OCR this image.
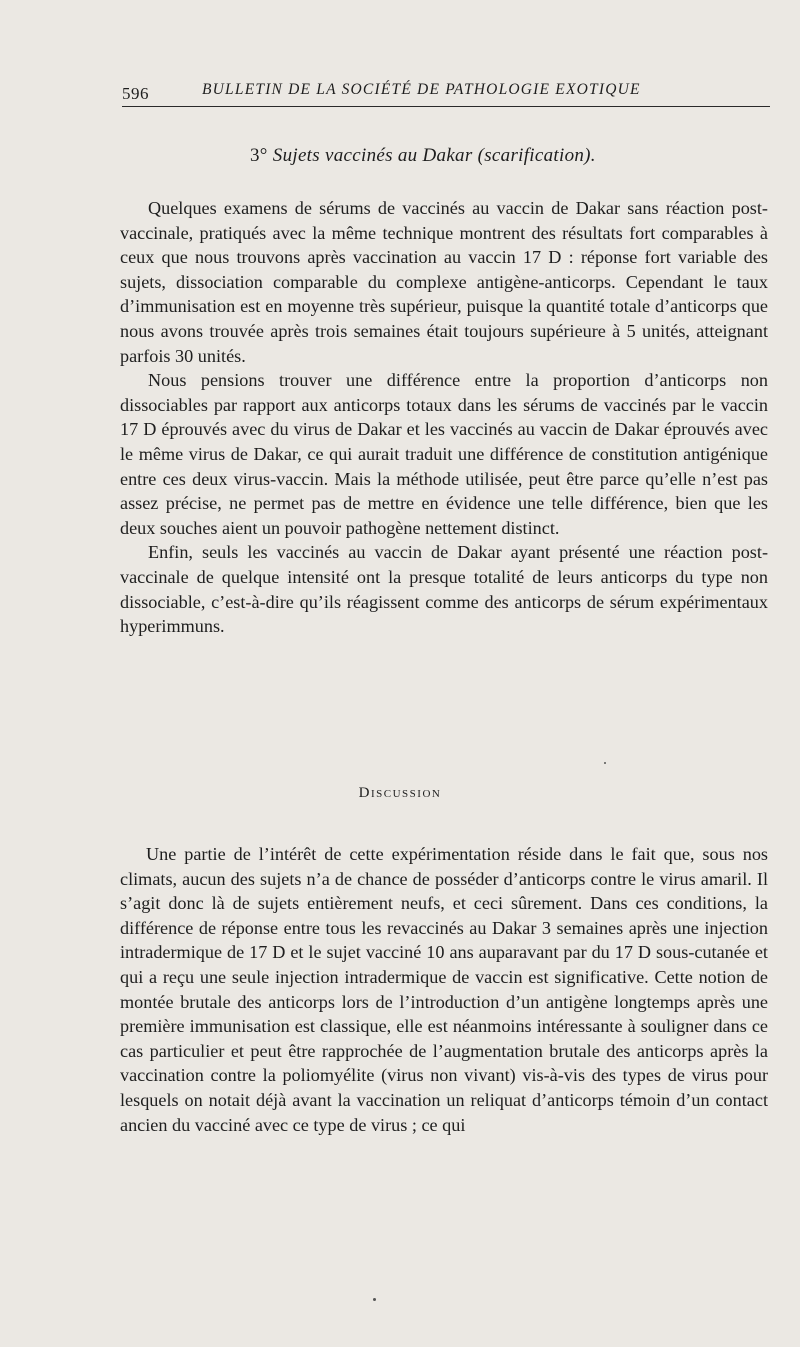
596	BULLETIN DE LA SOCIÉTÉ DE PATHOLOGIE EXOTIQUE
3° Sujets vaccinés au Dakar (scarification).

Quelques examens de sérums de vaccinés au vaccin de Dakar sans réaction post-vaccinale, pratiqués avec la même technique montrent des résultats fort comparables à ceux que nous trouvons après vaccination au vaccin 17 D : réponse fort variable des sujets, dissociation comparable du complexe antigène-anticorps. Cependant le taux d’immunisation est en moyenne très supérieur, puisque la quantité totale d’anticorps que nous avons trouvée après trois semaines était toujours supérieure à 5 unités, atteignant parfois 30 unités.

Nous pensions trouver une différence entre la proportion d’anticorps non dissociables par rapport aux anticorps totaux dans les sérums de vaccinés par le vaccin 17 D éprouvés avec du virus de Dakar et les vaccinés au vaccin de Dakar éprouvés avec le même virus de Dakar, ce qui aurait traduit une différence de constitution antigénique entre ces deux virus-vaccin. Mais la méthode utilisée, peut être parce qu’elle n’est pas assez précise, ne permet pas de mettre en évidence une telle différence, bien que les deux souches aient un pouvoir pathogène nettement distinct.

Enfin, seuls les vaccinés au vaccin de Dakar ayant présenté une réaction post-vaccinale de quelque intensité ont la presque totalité de leurs anticorps du type non dissociable, c’est-à-dire qu’ils réagissent comme des anticorps de sérum expérimentaux hyperimmuns.

Discussion

Une partie de l’intérêt de cette expérimentation réside dans le fait que, sous nos climats, aucun des sujets n’a de chance de posséder d’anticorps contre le virus amaril. Il s’agit donc là de sujets entièrement neufs, et ceci sûrement. Dans ces conditions, la différence de réponse entre tous les revaccinés au Dakar 3 semaines après une injection intradermique de 17 D et le sujet vacciné 10 ans auparavant par du 17 D sous-cutanée et qui a reçu une seule injection intradermique de vaccin est significative. Cette notion de montée brutale des anticorps lors de l’introduction d’un antigène longtemps après une première immunisation est classique, elle est néanmoins intéressante à souligner dans ce cas particulier et peut être rapprochée de l’augmentation brutale des anticorps après la vaccination contre la poliomyélite (virus non vivant) vis-à-vis des types de virus pour lesquels on notait déjà avant la vaccination un reliquat d’anticorps témoin d’un contact ancien du vacciné avec ce type de virus ; ce qui
